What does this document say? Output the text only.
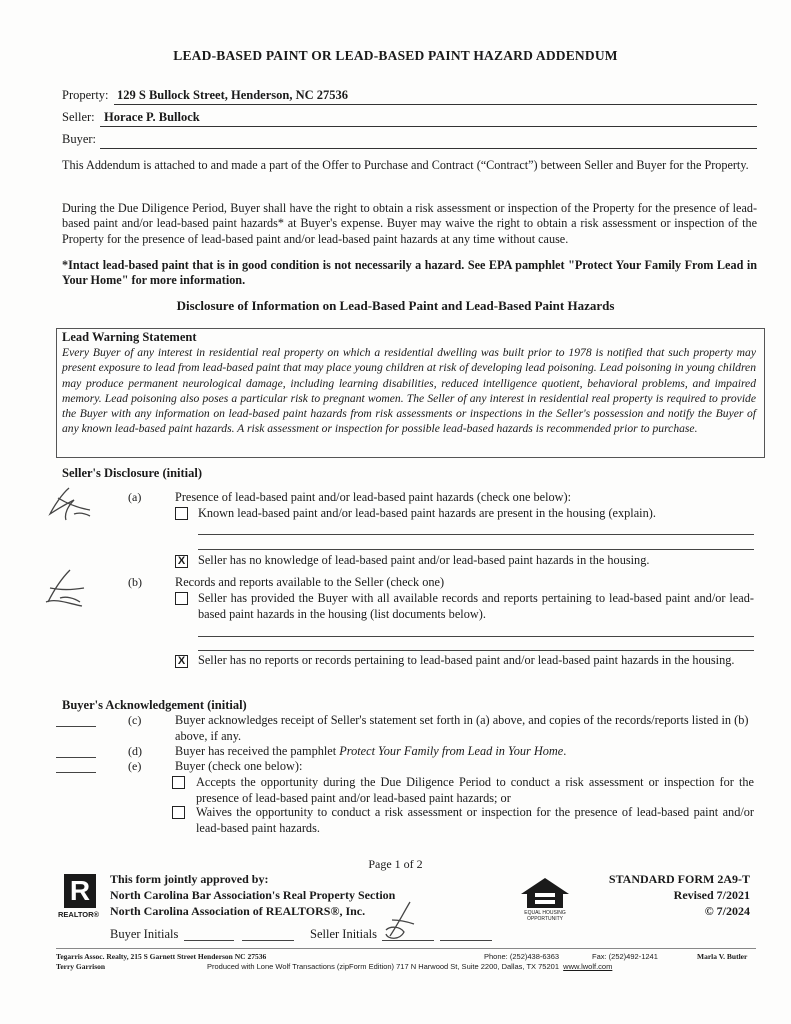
LEAD-BASED PAINT OR LEAD-BASED PAINT HAZARD ADDENDUM
Property: 129 S Bullock Street, Henderson, NC 27536
Seller: Horace P. Bullock
Buyer:
This Addendum is attached to and made a part of the Offer to Purchase and Contract (“Contract”) between Seller and Buyer for the Property.
During the Due Diligence Period, Buyer shall have the right to obtain a risk assessment or inspection of the Property for the presence of lead-based paint and/or lead-based paint hazards* at Buyer's expense. Buyer may waive the right to obtain a risk assessment or inspection of the Property for the presence of lead-based paint and/or lead-based paint hazards at any time without cause.
*Intact lead-based paint that is in good condition is not necessarily a hazard. See EPA pamphlet "Protect Your Family From Lead in Your Home" for more information.
Disclosure of Information on Lead-Based Paint and Lead-Based Paint Hazards
Lead Warning Statement
Every Buyer of any interest in residential real property on which a residential dwelling was built prior to 1978 is notified that such property may present exposure to lead from lead-based paint that may place young children at risk of developing lead poisoning. Lead poisoning in young children may produce permanent neurological damage, including learning disabilities, reduced intelligence quotient, behavioral problems, and impaired memory. Lead poisoning also poses a particular risk to pregnant women. The Seller of any interest in residential real property is required to provide the Buyer with any information on lead-based paint hazards from risk assessments or inspections in the Seller's possession and notify the Buyer of any known lead-based paint hazards. A risk assessment or inspection for possible lead-based hazards is recommended prior to purchase.
Seller's Disclosure (initial)
(a)	Presence of lead-based paint and/or lead-based paint hazards (check one below):
Known lead-based paint and/or lead-based paint hazards are present in the housing (explain).
X Seller has no knowledge of lead-based paint and/or lead-based paint hazards in the housing.
(b)	Records and reports available to the Seller (check one)
Seller has provided the Buyer with all available records and reports pertaining to lead-based paint and/or lead-based paint hazards in the housing (list documents below).
X Seller has no reports or records pertaining to lead-based paint and/or lead-based paint hazards in the housing.
Buyer's Acknowledgement (initial)
(c)	Buyer acknowledges receipt of Seller's statement set forth in (a) above, and copies of the records/reports listed in (b) above, if any.
(d)	Buyer has received the pamphlet Protect Your Family from Lead in Your Home.
(e)	Buyer (check one below):
Accepts the opportunity during the Due Diligence Period to conduct a risk assessment or inspection for the presence of lead-based paint and/or lead-based paint hazards; or
Waives the opportunity to conduct a risk assessment or inspection for the presence of lead-based paint and/or lead-based paint hazards.
Page 1 of 2
R
REALTOR®
This form jointly approved by:
North Carolina Bar Association's Real Property Section
North Carolina Association of REALTORS®, Inc.	EQUAL HOUSING OPPORTUNITY
STANDARD FORM 2A9-T
Revised 7/2021
© 7/2024
Buyer Initials	Seller Initials
Tegarris Assoc. Realty, 215 S Garnett Street Henderson NC 27536
Terry Garrison
Phone: (252)438-6363	Fax: (252)492-1241	Marla V. Butler
Produced with Lone Wolf Transactions (zipForm Edition) 717 N Harwood St, Suite 2200, Dallas, TX 75201 www.lwolf.com
